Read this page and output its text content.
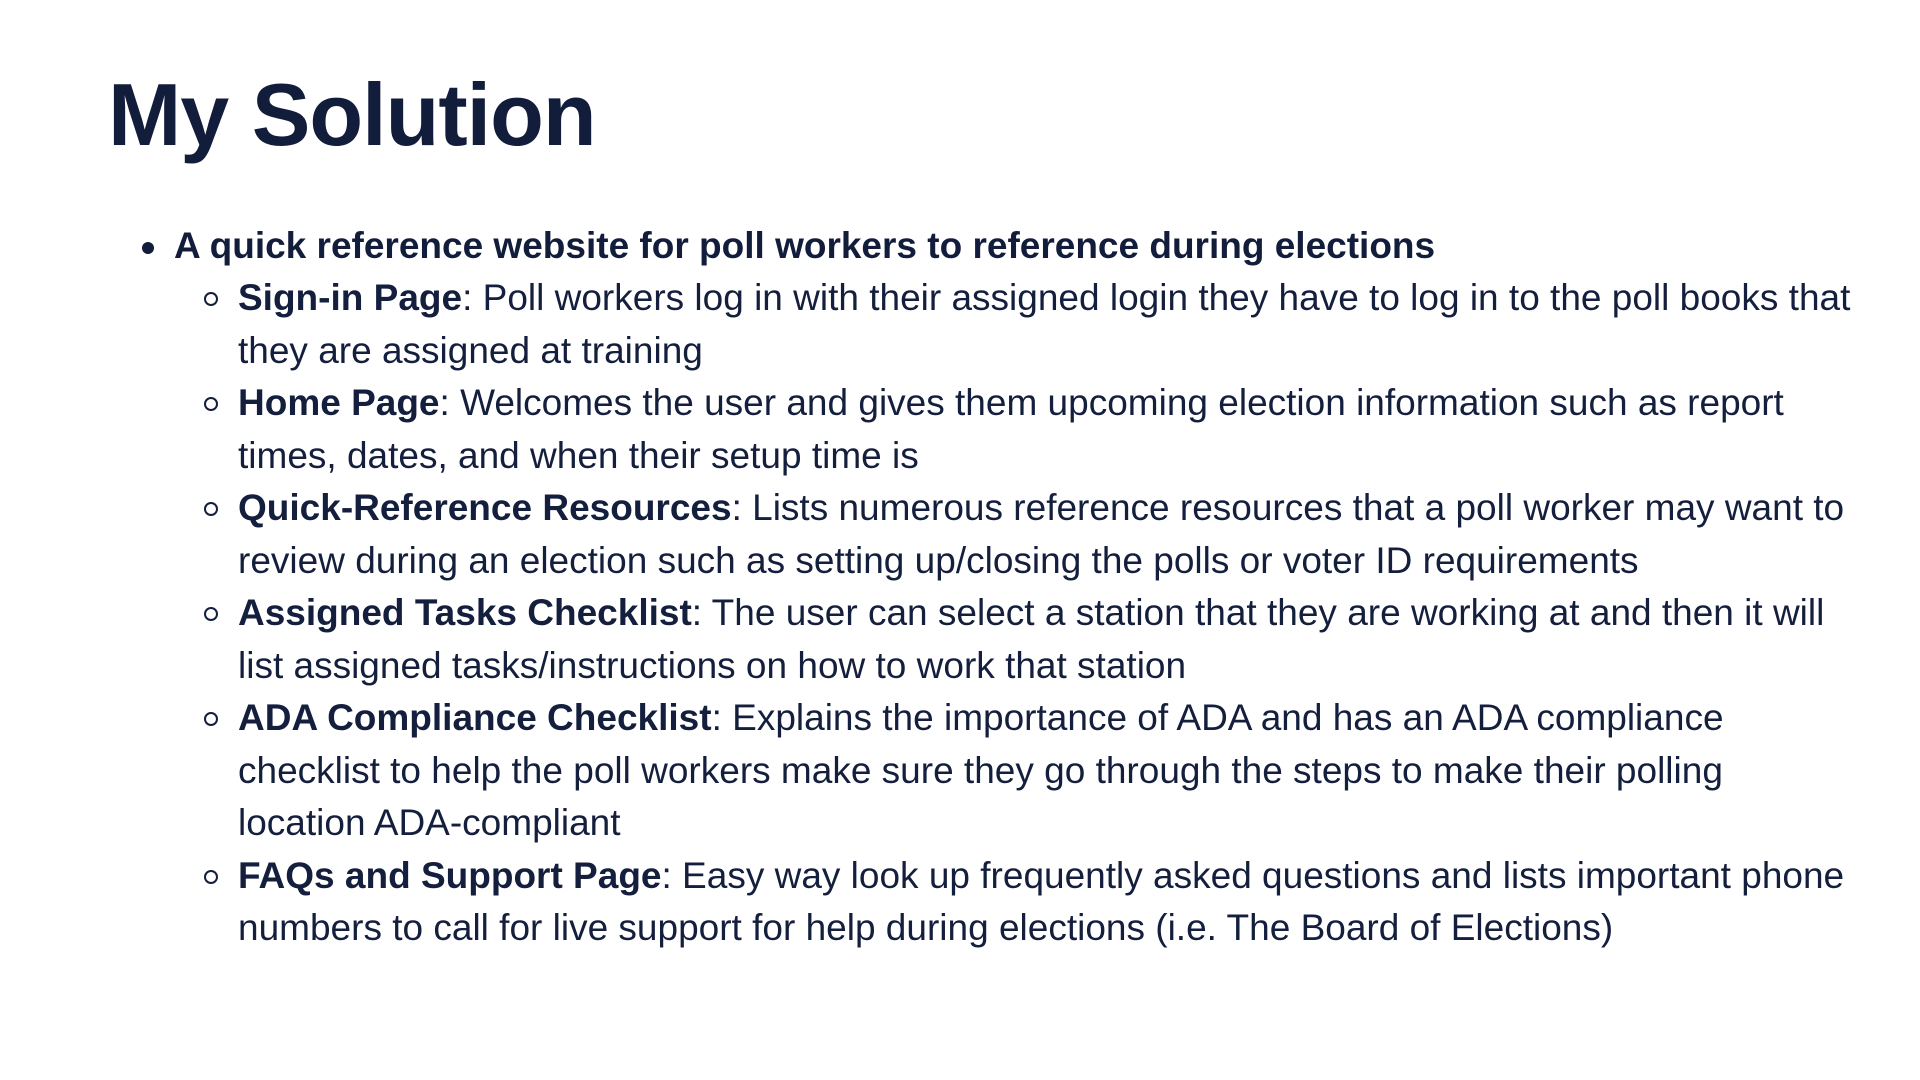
My Solution
A quick reference website for poll workers to reference during elections
Sign-in Page: Poll workers log in with their assigned login they have to log in to the poll books that they are assigned at training
Home Page: Welcomes the user and gives them upcoming election information such as report times, dates, and when their setup time is
Quick-Reference Resources: Lists numerous reference resources that a poll worker may want to review during an election such as setting up/closing the polls or voter ID requirements
Assigned Tasks Checklist: The user can select a station that they are working at and then it will list assigned tasks/instructions on how to work that station
ADA Compliance Checklist: Explains the importance of ADA and has an ADA compliance checklist to help the poll workers make sure they go through the steps to make their polling location ADA-compliant
FAQs and Support Page: Easy way look up frequently asked questions and lists important phone numbers to call for live support for help during elections (i.e. The Board of Elections)
